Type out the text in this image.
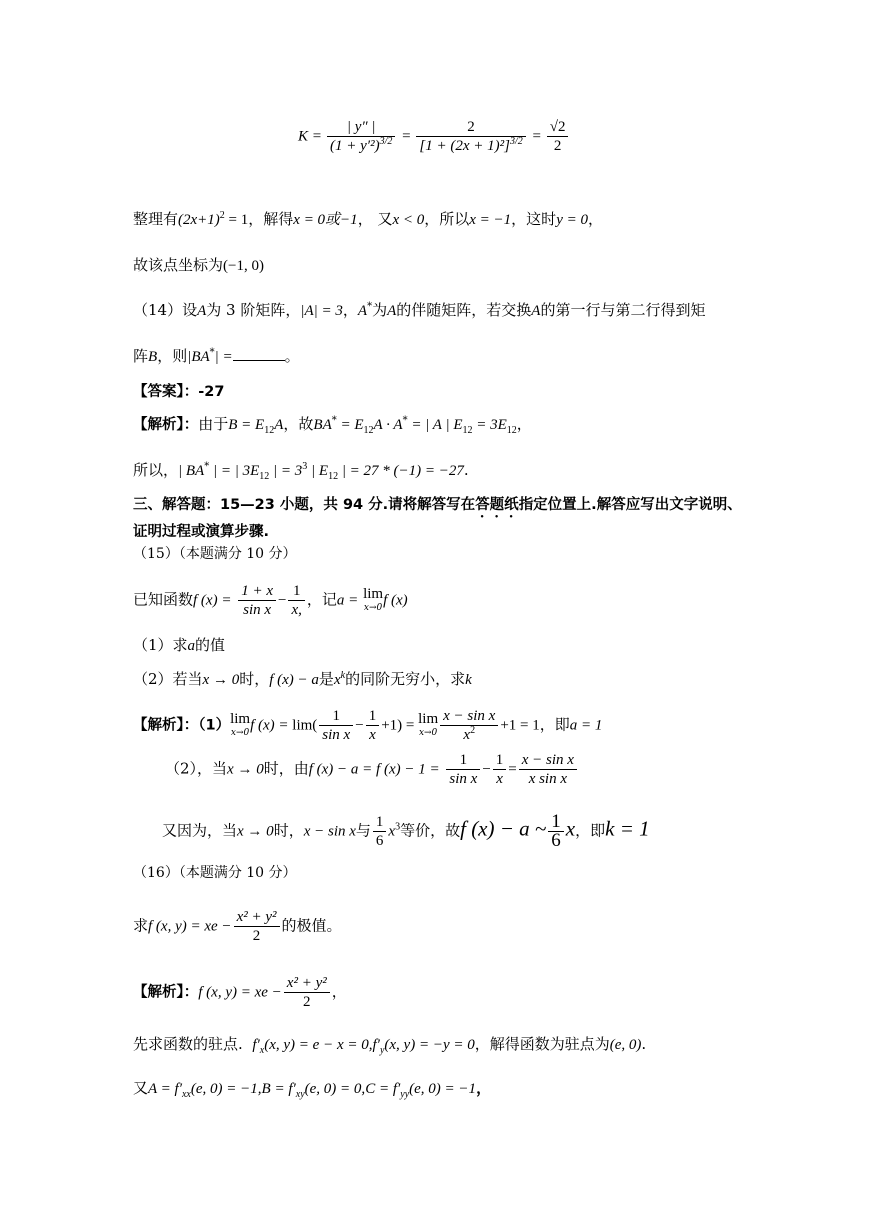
$K = \frac{| y'' |}{(1 + y'^2)^{3/2}} = \frac{2}{[1 + (2x + 1)^2]^{3/2}} = \frac{√2}{2}$
整理有$(2x+1)^2 = 1$，解得x = 0或−1， 又x < 0，所以x = −1，这时y = 0，
故该点坐标为(−1, 0)
（14）设A为 3 阶矩阵，|A| = 3，A*为A的伴随矩阵，若交换A的第一行与第二行得到矩
阵B，则|BA*| =	。
【答案】：-27
【解析】：由于$B = E_{12}A$，故$BA^* = E_{12}A \cdot A^*$ = | A | $E_{12} = 3E_{12}$，
所以，| BA* | = | $3E_{12}$ | = $3^3$ | $E_{12}$ | = 27 * (−1) = −27.
三、解答题：15—23 小题，共 94 分.请将解答写在答题纸指定位置上.解答应写出文字说明、
证明过程或演算步骤.
（15）（本题满分 10 分）
已知函数f $(x) = \frac{1 + x}{\text{sin x}} - \frac{1}{x,}$ ，记a = lim
x→0 f (x)
（1）求a的值
（2）若当x → 0时，f (x) − a是$x^k$的同阶无穷小，求k
【解析】：（1）lim
x→0 f $(x) = \lim( \frac{1}{\text{sin x}} - \frac{1}{x} +1) = \lim$
$x\to 0 \frac{\text{x − sin x}}{x^2} +1 = 1$，即a = 1
（2），当x → 0时，由f (x) − a = f $(x) - 1 = \frac{1}{\text{sin x}} - \frac{1}{x} = \frac{\text{x − sin x}}{\text{x sin x}}$
又因为，当x → 0时，x − sin x与 $\frac{1}{6} x^3$等价，故f (x) − a ~ $\frac{1}{6}$ x，即k = 1
（16）（本题满分 10 分）
求f (x, y) = xe − $\frac{\text{x² + y²}}{2}$ 的极值。
【解析】：f (x, y) = xe − $\frac{\text{x² + y²}}{2}$ ，
先求函数的驻点. $f'_x(x$, $y) = e - x = 0,f'_y(x$, y) = −y = 0，解得函数为驻点为(e, 0).
又$A = f'_{xx}(e$, $0) = -1,B = f'_{xy}(e$, $0) = 0,C = f'_{yy}(e$, 0) = −1，
